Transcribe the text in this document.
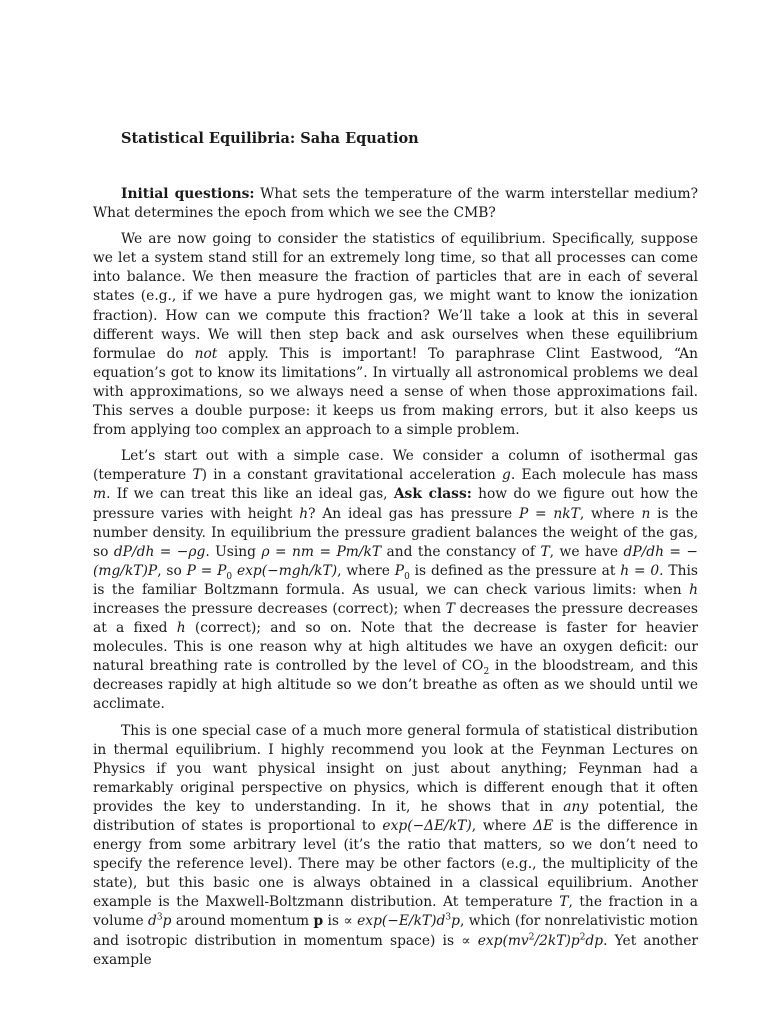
Statistical Equilibria: Saha Equation

Initial questions: What sets the temperature of the warm interstellar medium? What determines the epoch from which we see the CMB?

We are now going to consider the statistics of equilibrium. Specifically, suppose we let a system stand still for an extremely long time, so that all processes can come into balance. We then measure the fraction of particles that are in each of several states (e.g., if we have a pure hydrogen gas, we might want to know the ionization fraction). How can we compute this fraction? We’ll take a look at this in several different ways. We will then step back and ask ourselves when these equilibrium formulae do not apply. This is important! To paraphrase Clint Eastwood, “An equation’s got to know its limitations”. In virtually all astronomical problems we deal with approximations, so we always need a sense of when those approximations fail. This serves a double purpose: it keeps us from making errors, but it also keeps us from applying too complex an approach to a simple problem.

Let’s start out with a simple case. We consider a column of isothermal gas (temperature T) in a constant gravitational acceleration g. Each molecule has mass m. If we can treat this like an ideal gas, Ask class: how do we figure out how the pressure varies with height h? An ideal gas has pressure P = nkT, where n is the number density. In equilibrium the pressure gradient balances the weight of the gas, so dP/dh = −ρg. Using ρ = nm = Pm/kT and the constancy of T, we have dP/dh = −(mg/kT)P, so $P = P_0$ exp(−mgh/kT), where $P_0$ is defined as the pressure at h = 0. This is the familiar Boltzmann formula. As usual, we can check various limits: when h increases the pressure decreases (correct); when T decreases the pressure decreases at a fixed h (correct); and so on. Note that the decrease is faster for heavier molecules. This is one reason why at high altitudes we have an oxygen deficit: our natural breathing rate is controlled by the level of $CO_2$ in the bloodstream, and this decreases rapidly at high altitude so we don’t breathe as often as we should until we acclimate.

This is one special case of a much more general formula of statistical distribution in thermal equilibrium. I highly recommend you look at the Feynman Lectures on Physics if you want physical insight on just about anything; Feynman had a remarkably original perspective on physics, which is different enough that it often provides the key to understanding. In it, he shows that in any potential, the distribution of states is proportional to exp(−ΔE/kT), where ΔE is the difference in energy from some arbitrary level (it’s the ratio that matters, so we don’t need to specify the reference level). There may be other factors (e.g., the multiplicity of the state), but this basic one is always obtained in a classical equilibrium. Another example is the Maxwell-Boltzmann distribution. At temperature T, the fraction in a volume $d^3p$ around momentum p is ∝ $\exp(-E/kT)d^3p$, which (for nonrelativistic motion and isotropic distribution in momentum space) is ∝ $\exp(mv^2/2kT)p^2dp$. Yet another example
